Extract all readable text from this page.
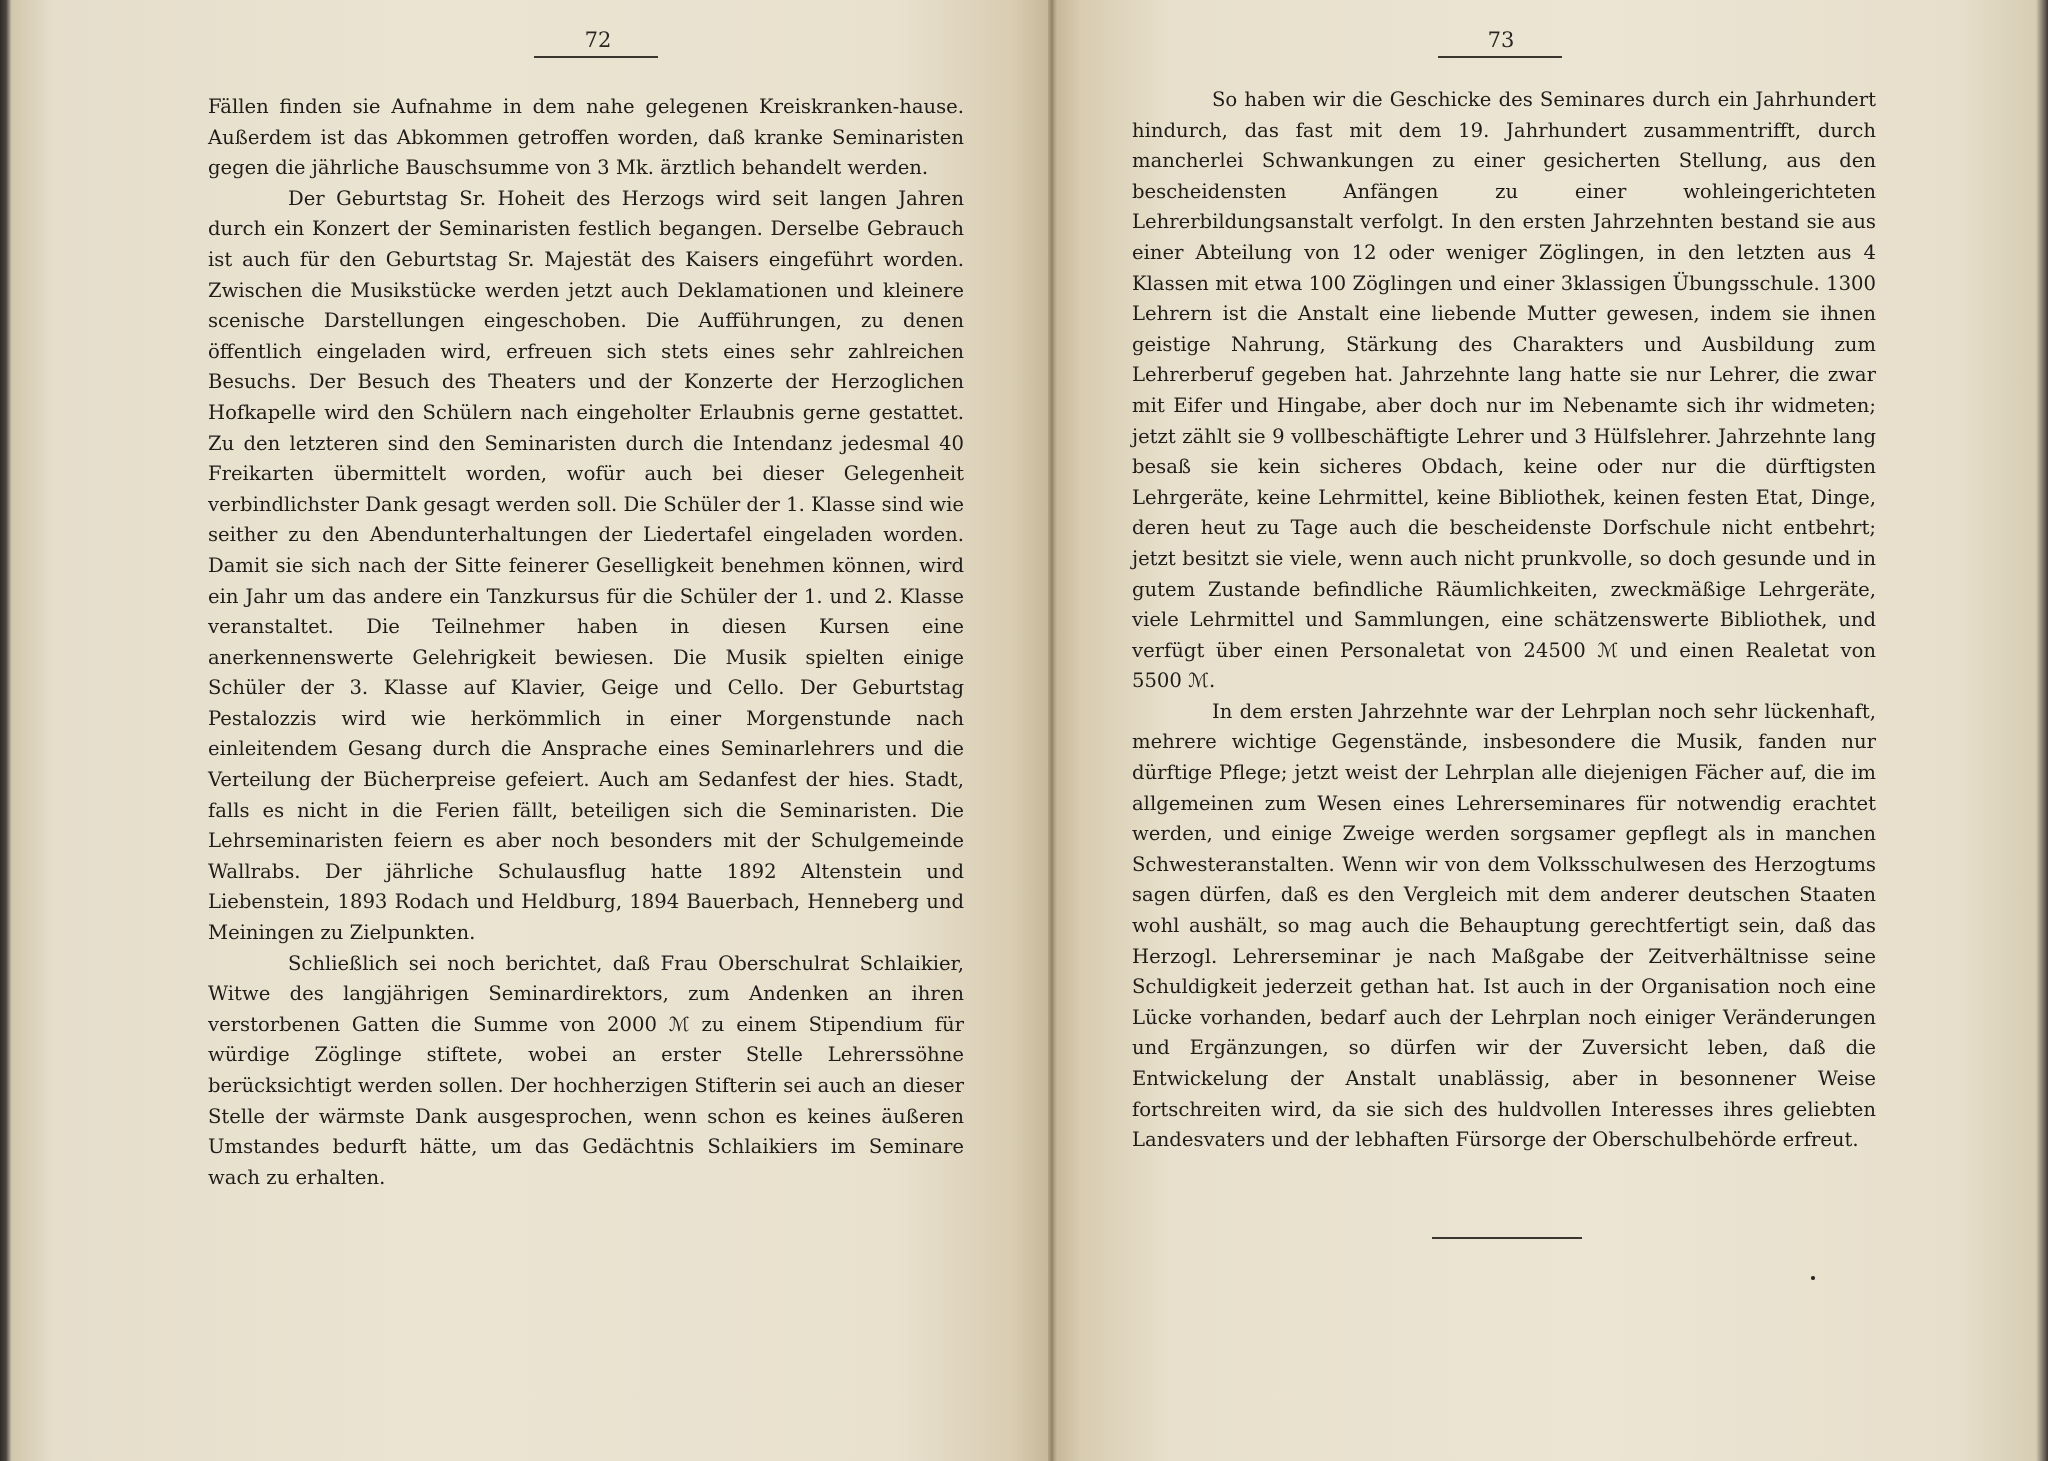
72	73

Fällen finden sie Aufnahme in dem nahe gelegenen Kreiskranken-hause. Außerdem ist das Abkommen getroffen worden, daß kranke Seminaristen gegen die jährliche Bauschsumme von 3 Mk. ärztlich behandelt werden.

Der Geburtstag Sr. Hoheit des Herzogs wird seit langen Jahren durch ein Konzert der Seminaristen festlich begangen. Derselbe Gebrauch ist auch für den Geburtstag Sr. Majestät des Kaisers eingeführt worden. Zwischen die Musikstücke werden jetzt auch Deklamationen und kleinere scenische Darstellungen eingeschoben. Die Aufführungen, zu denen öffentlich eingeladen wird, erfreuen sich stets eines sehr zahlreichen Besuchs. Der Besuch des Theaters und der Konzerte der Herzoglichen Hofkapelle wird den Schülern nach eingeholter Erlaubnis gerne gestattet. Zu den letzteren sind den Seminaristen durch die Intendanz jedesmal 40 Freikarten übermittelt worden, wofür auch bei dieser Gelegenheit verbindlichster Dank gesagt werden soll. Die Schüler der 1. Klasse sind wie seither zu den Abendunterhaltungen der Liedertafel eingeladen worden. Damit sie sich nach der Sitte feinerer Geselligkeit benehmen können, wird ein Jahr um das andere ein Tanzkursus für die Schüler der 1. und 2. Klasse veranstaltet. Die Teilnehmer haben in diesen Kursen eine anerkennenswerte Gelehrigkeit bewiesen. Die Musik spielten einige Schüler der 3. Klasse auf Klavier, Geige und Cello. Der Geburtstag Pestalozzis wird wie herkömmlich in einer Morgenstunde nach einleitendem Gesang durch die Ansprache eines Seminarlehrers und die Verteilung der Bücherpreise gefeiert. Auch am Sedanfest der hies. Stadt, falls es nicht in die Ferien fällt, beteiligen sich die Seminaristen. Die Lehrseminaristen feiern es aber noch besonders mit der Schulgemeinde Wallrabs. Der jährliche Schulausflug hatte 1892 Altenstein und Liebenstein, 1893 Rodach und Heldburg, 1894 Bauerbach, Henneberg und Meiningen zu Zielpunkten.

Schließlich sei noch berichtet, daß Frau Oberschulrat Schlaikier, Witwe des langjährigen Seminardirektors, zum Andenken an ihren verstorbenen Gatten die Summe von 2000 ℳ zu einem Stipendium für würdige Zöglinge stiftete, wobei an erster Stelle Lehrerssöhne berücksichtigt werden sollen. Der hochherzigen Stifterin sei auch an dieser Stelle der wärmste Dank ausgesprochen, wenn schon es keines äußeren Umstandes bedurft hätte, um das Gedächtnis Schlaikiers im Seminare wach zu erhalten.

So haben wir die Geschicke des Seminares durch ein Jahrhundert hindurch, das fast mit dem 19. Jahrhundert zusammentrifft, durch mancherlei Schwankungen zu einer gesicherten Stellung, aus den bescheidensten Anfängen zu einer wohleingerichteten Lehrerbildungsanstalt verfolgt. In den ersten Jahrzehnten bestand sie aus einer Abteilung von 12 oder weniger Zöglingen, in den letzten aus 4 Klassen mit etwa 100 Zöglingen und einer 3klassigen Übungsschule. 1300 Lehrern ist die Anstalt eine liebende Mutter gewesen, indem sie ihnen geistige Nahrung, Stärkung des Charakters und Ausbildung zum Lehrerberuf gegeben hat. Jahrzehnte lang hatte sie nur Lehrer, die zwar mit Eifer und Hingabe, aber doch nur im Nebenamte sich ihr widmeten; jetzt zählt sie 9 vollbeschäftigte Lehrer und 3 Hülfslehrer. Jahrzehnte lang besaß sie kein sicheres Obdach, keine oder nur die dürftigsten Lehrgeräte, keine Lehrmittel, keine Bibliothek, keinen festen Etat, Dinge, deren heut zu Tage auch die bescheidenste Dorfschule nicht entbehrt; jetzt besitzt sie viele, wenn auch nicht prunkvolle, so doch gesunde und in gutem Zustande befindliche Räumlichkeiten, zweckmäßige Lehrgeräte, viele Lehrmittel und Sammlungen, eine schätzenswerte Bibliothek, und verfügt über einen Personaletat von 24500 ℳ und einen Realetat von 5500 ℳ.

In dem ersten Jahrzehnte war der Lehrplan noch sehr lückenhaft, mehrere wichtige Gegenstände, insbesondere die Musik, fanden nur dürftige Pflege; jetzt weist der Lehrplan alle diejenigen Fächer auf, die im allgemeinen zum Wesen eines Lehrerseminares für notwendig erachtet werden, und einige Zweige werden sorgsamer gepflegt als in manchen Schwesteranstalten. Wenn wir von dem Volksschulwesen des Herzogtums sagen dürfen, daß es den Vergleich mit dem anderer deutschen Staaten wohl aushält, so mag auch die Behauptung gerechtfertigt sein, daß das Herzogl. Lehrerseminar je nach Maßgabe der Zeitverhältnisse seine Schuldigkeit jederzeit gethan hat. Ist auch in der Organisation noch eine Lücke vorhanden, bedarf auch der Lehrplan noch einiger Veränderungen und Ergänzungen, so dürfen wir der Zuversicht leben, daß die Entwickelung der Anstalt unablässig, aber in besonnener Weise fortschreiten wird, da sie sich des huldvollen Interesses ihres geliebten Landesvaters und der lebhaften Fürsorge der Oberschulbehörde erfreut.
